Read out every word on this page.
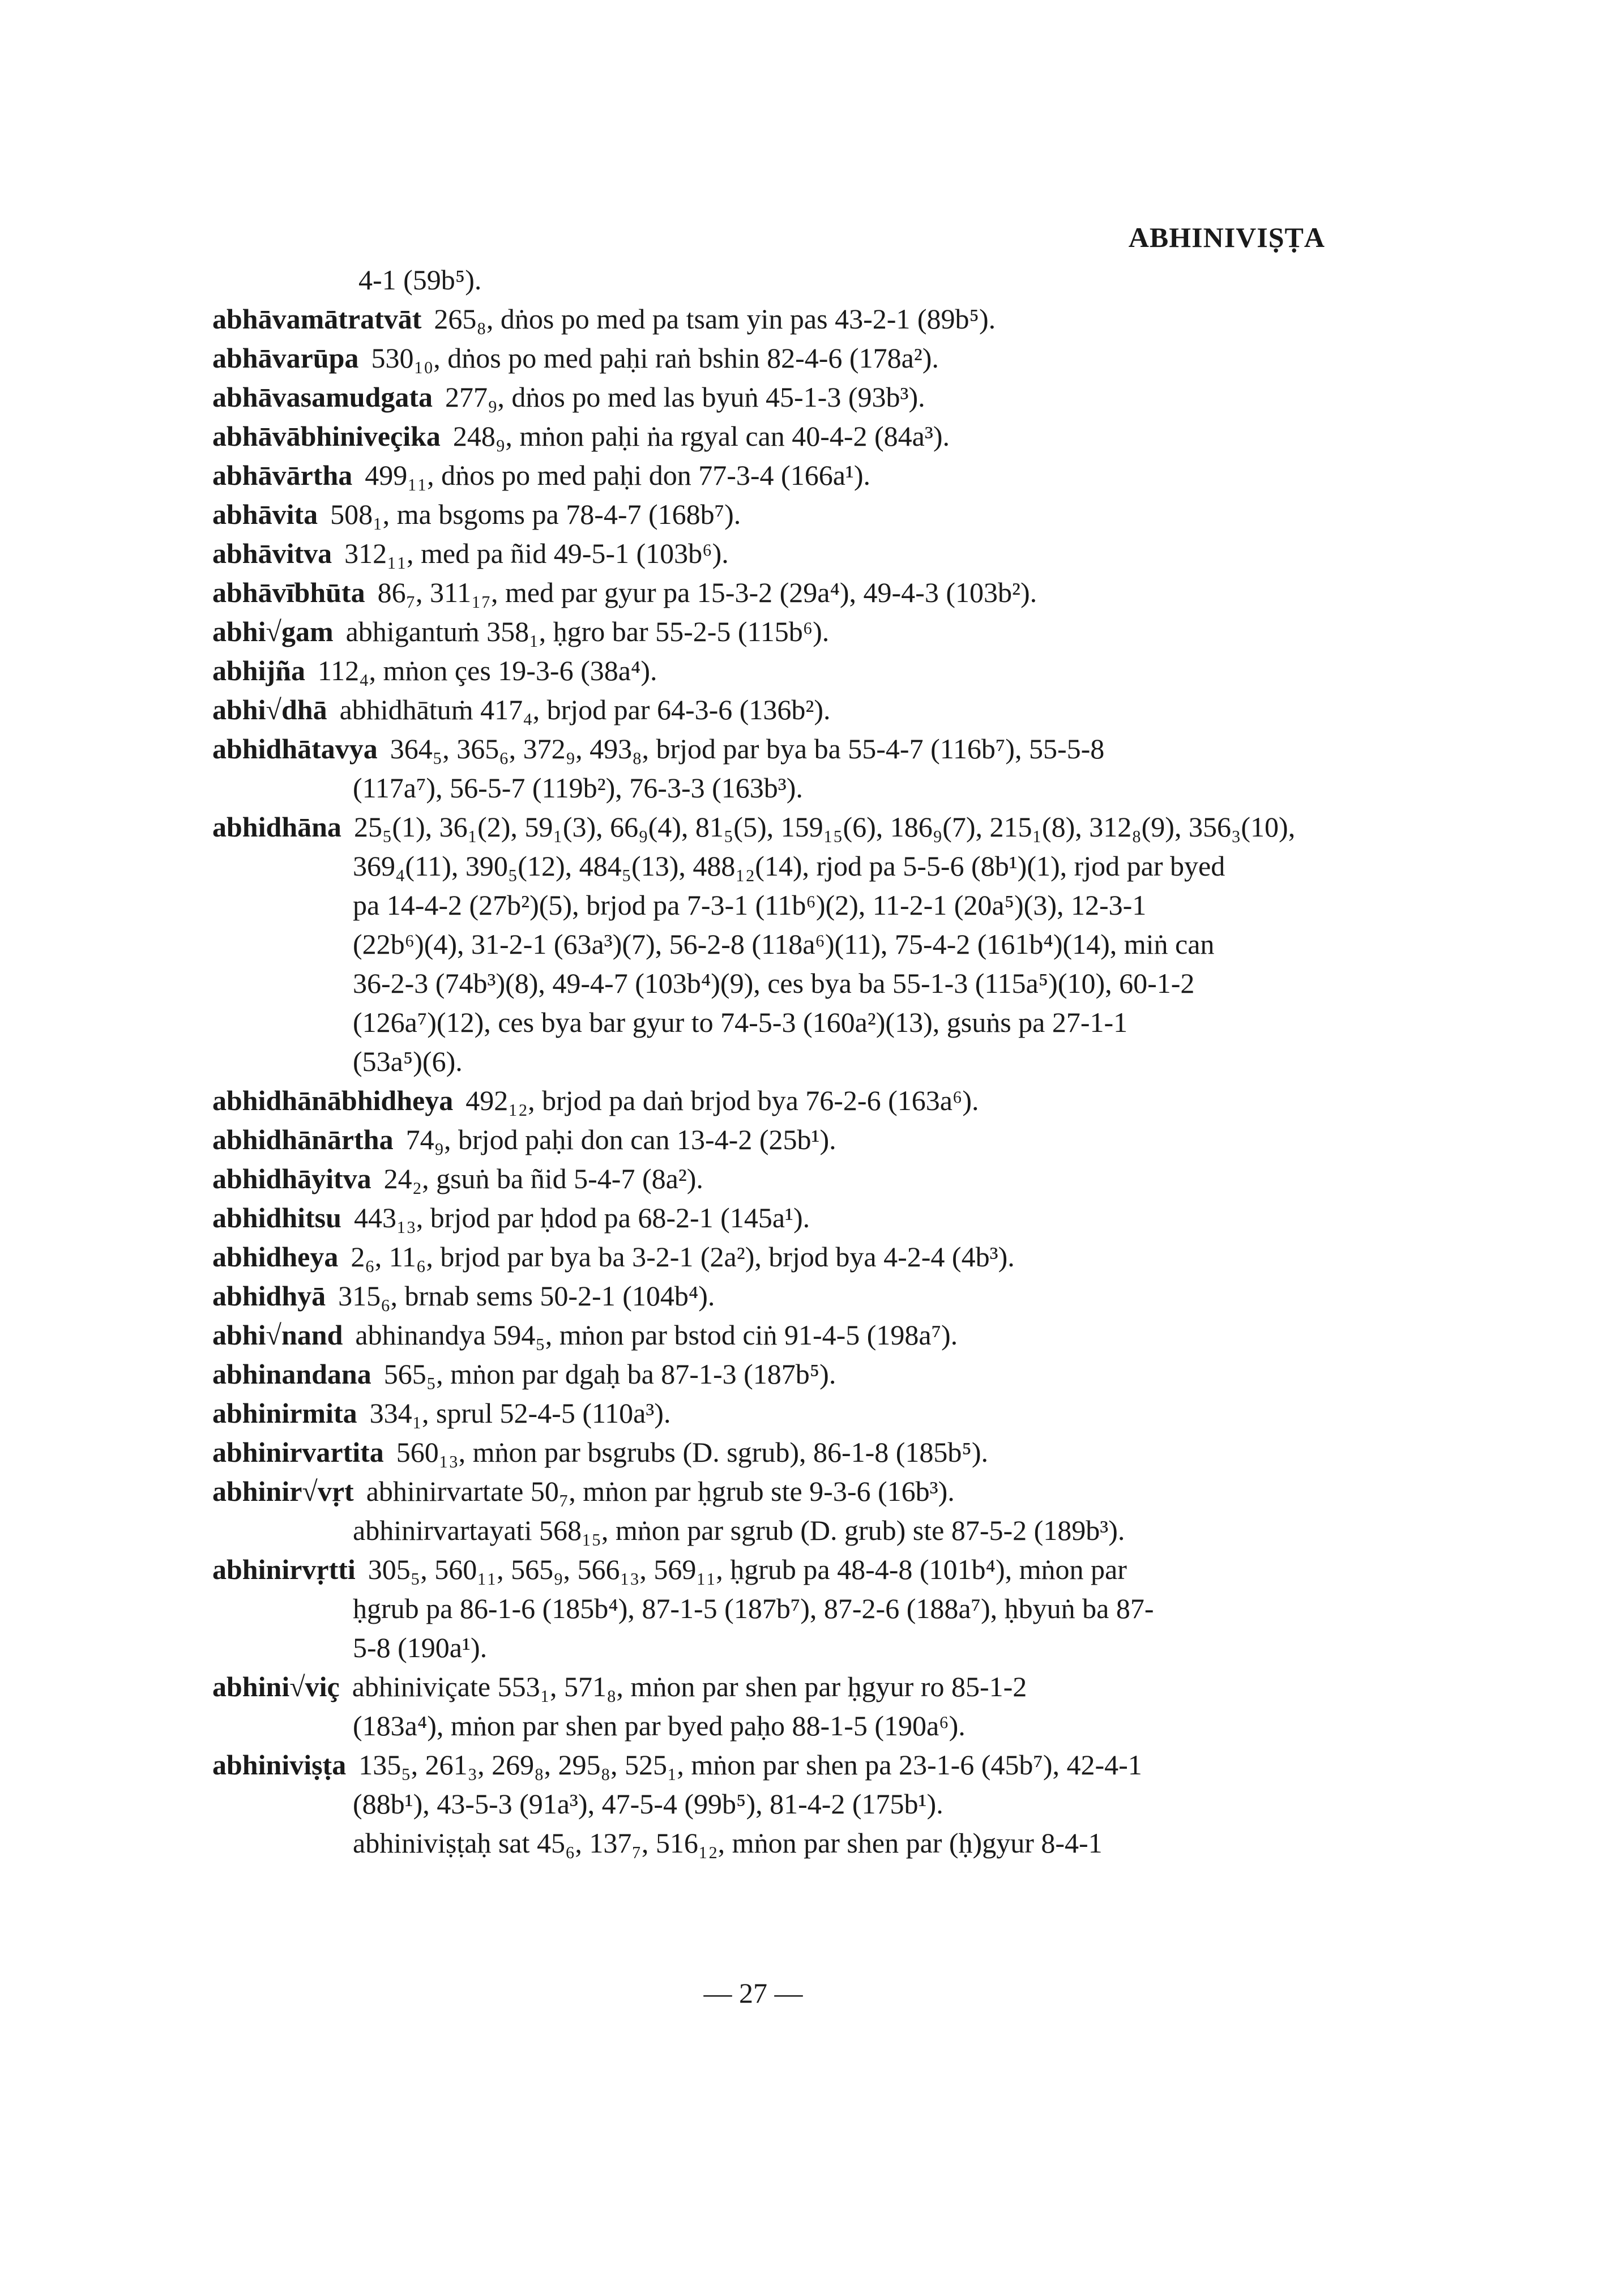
ABHINIVIṢṬA
4-1 (59b⁵).
abhāvamātratvāt 265₈, dṅos po med pa tsam yin pas 43-2-1 (89b⁵).
abhāvarūpa 530₁₀, dṅos po med paḥi raṅ bshin 82-4-6 (178a²).
abhāvasamudgata 277₉, dṅos po med las byuṅ 45-1-3 (93b³).
abhāvābhiniveçika 248₉, mṅon paḥi ṅa rgyal can 40-4-2 (84a³).
abhāvārtha 499₁₁, dṅos po med paḥi don 77-3-4 (166a¹).
abhāvita 508₁, ma bsgoms pa 78-4-7 (168b⁷).
abhāvitva 312₁₁, med pa ñid 49-5-1 (103b⁶).
abhāvībhūta 86₇, 311₁₇, med par gyur pa 15-3-2 (29a⁴), 49-4-3 (103b²).
abhi√gam abhigantuṁ 358₁, ḥgro bar 55-2-5 (115b⁶).
abhijña 112₄, mṅon çes 19-3-6 (38a⁴).
abhi√dhā abhidhātuṁ 417₄, brjod par 64-3-6 (136b²).
abhidhātavya 364₅, 365₆, 372₉, 493₈, brjod par bya ba 55-4-7 (116b⁷), 55-5-8
(117a⁷), 56-5-7 (119b²), 76-3-3 (163b³).
abhidhāna 25₅(1), 36₁(2), 59₁(3), 66₉(4), 81₅(5), 159₁₅(6), 186₉(7), 215₁(8), 312₈(9), 356₃(10),
369₄(11), 390₅(12), 484₅(13), 488₁₂(14), rjod pa 5-5-6 (8b¹)(1), rjod par byed
pa 14-4-2 (27b²)(5), brjod pa 7-3-1 (11b⁶)(2), 11-2-1 (20a⁵)(3), 12-3-1
(22b⁶)(4), 31-2-1 (63a³)(7), 56-2-8 (118a⁶)(11), 75-4-2 (161b⁴)(14), miṅ can
36-2-3 (74b³)(8), 49-4-7 (103b⁴)(9), ces bya ba 55-1-3 (115a⁵)(10), 60-1-2
(126a⁷)(12), ces bya bar gyur to 74-5-3 (160a²)(13), gsuṅs pa 27-1-1
(53a⁵)(6).
abhidhānābhidheya 492₁₂, brjod pa daṅ brjod bya 76-2-6 (163a⁶).
abhidhānārtha 74₉, brjod paḥi don can 13-4-2 (25b¹).
abhidhāyitva 24₂, gsuṅ ba ñid 5-4-7 (8a²).
abhidhitsu 443₁₃, brjod par ḥdod pa 68-2-1 (145a¹).
abhidheya 2₆, 11₆, brjod par bya ba 3-2-1 (2a²), brjod bya 4-2-4 (4b³).
abhidhyā 315₆, brnab sems 50-2-1 (104b⁴).
abhi√nand abhinandya 594₅, mṅon par bstod ciṅ 91-4-5 (198a⁷).
abhinandana 565₅, mṅon par dgaḥ ba 87-1-3 (187b⁵).
abhinirmita 334₁, sprul 52-4-5 (110a³).
abhinirvartita 560₁₃, mṅon par bsgrubs (D. sgrub), 86-1-8 (185b⁵).
abhinir√vṛt abhinirvartate 50₇, mṅon par ḥgrub ste 9-3-6 (16b³).
abhinirvartayati 568₁₅, mṅon par sgrub (D. grub) ste 87-5-2 (189b³).
abhinirvṛtti 305₅, 560₁₁, 565₉, 566₁₃, 569₁₁, ḥgrub pa 48-4-8 (101b⁴), mṅon par
ḥgrub pa 86-1-6 (185b⁴), 87-1-5 (187b⁷), 87-2-6 (188a⁷), ḥbyuṅ ba 87-
5-8 (190a¹).
abhini√viç abhiniviçate 553₁, 571₈, mṅon par shen par ḥgyur ro 85-1-2
(183a⁴), mṅon par shen par byed paḥo 88-1-5 (190a⁶).
abhiniviṣṭa 135₅, 261₃, 269₈, 295₈, 525₁, mṅon par shen pa 23-1-6 (45b⁷), 42-4-1
(88b¹), 43-5-3 (91a³), 47-5-4 (99b⁵), 81-4-2 (175b¹).
abhiniviṣṭaḥ sat 45₆, 137₇, 516₁₂, mṅon par shen par (ḥ)gyur 8-4-1
— 27 —
